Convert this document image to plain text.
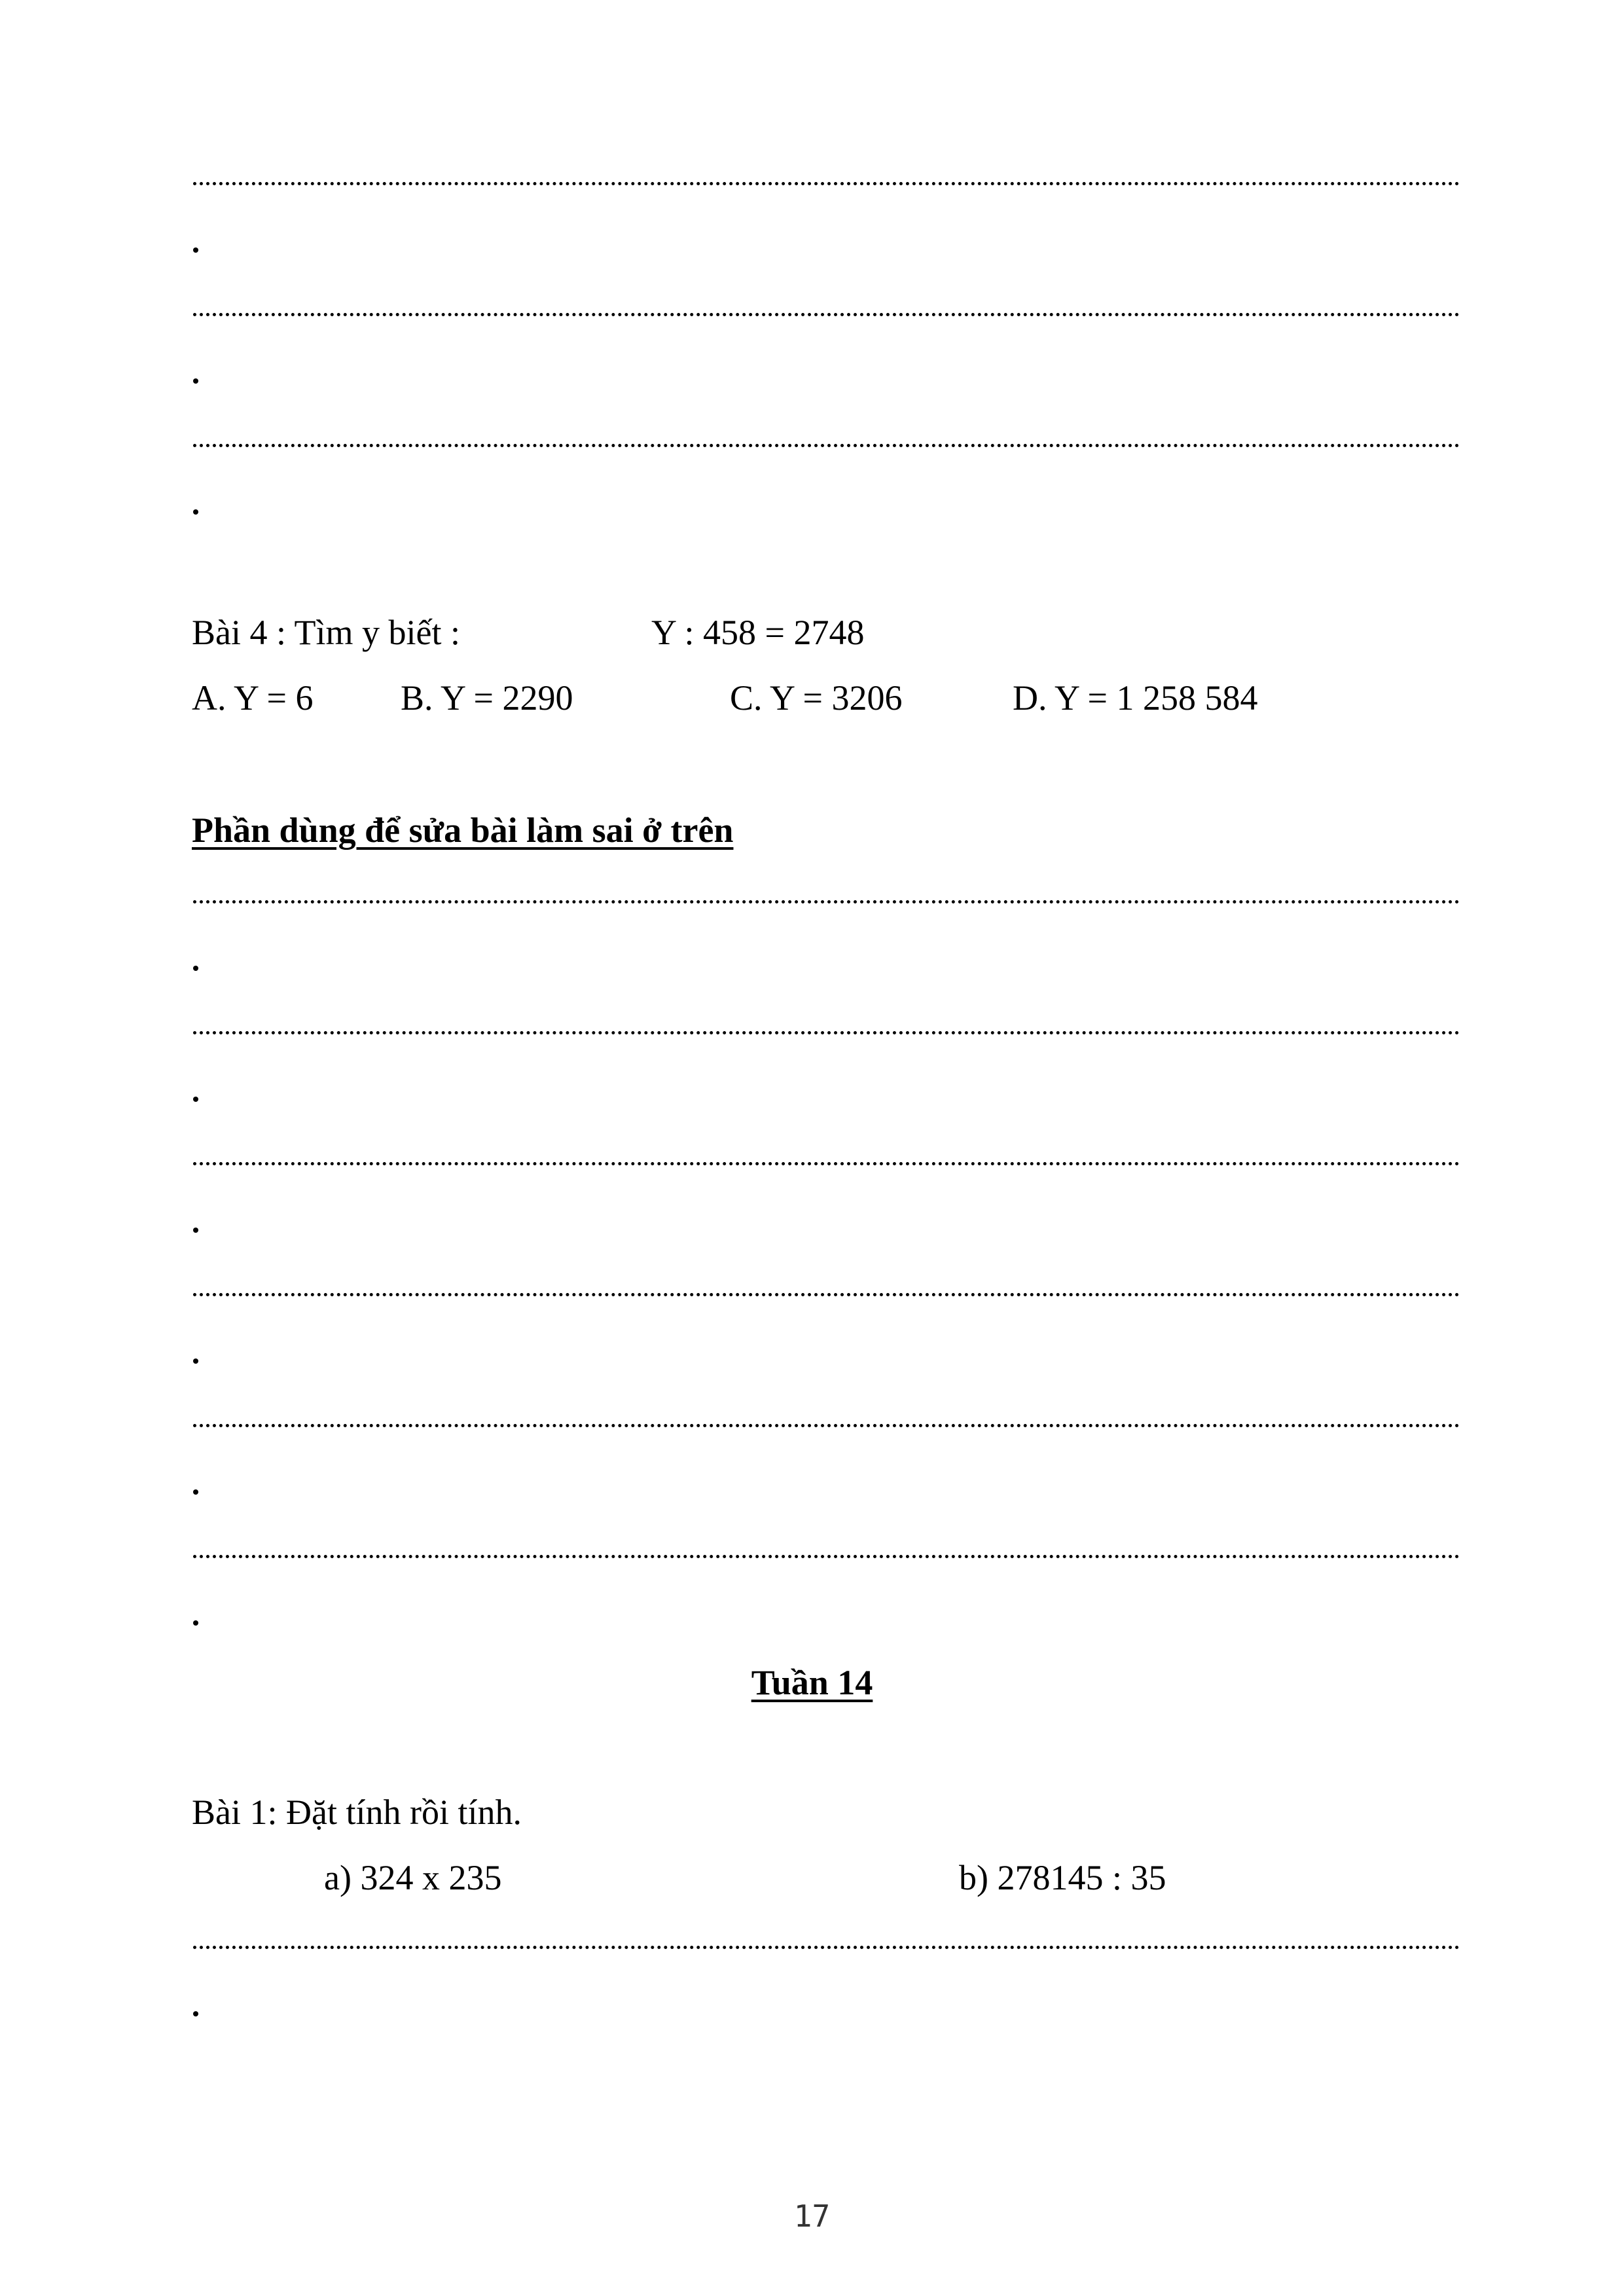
Bài 4 : Tìm y biết :	Y : 458 = 2748
A. Y = 6 B. Y = 2290	C. Y = 3206	D. Y = 1 258 584
Phần dùng để sửa bài làm sai ở trên
Tuần 14
Bài 1: Đặt tính rồi tính.
a) 324 x 235	b) 278145 : 35
17
